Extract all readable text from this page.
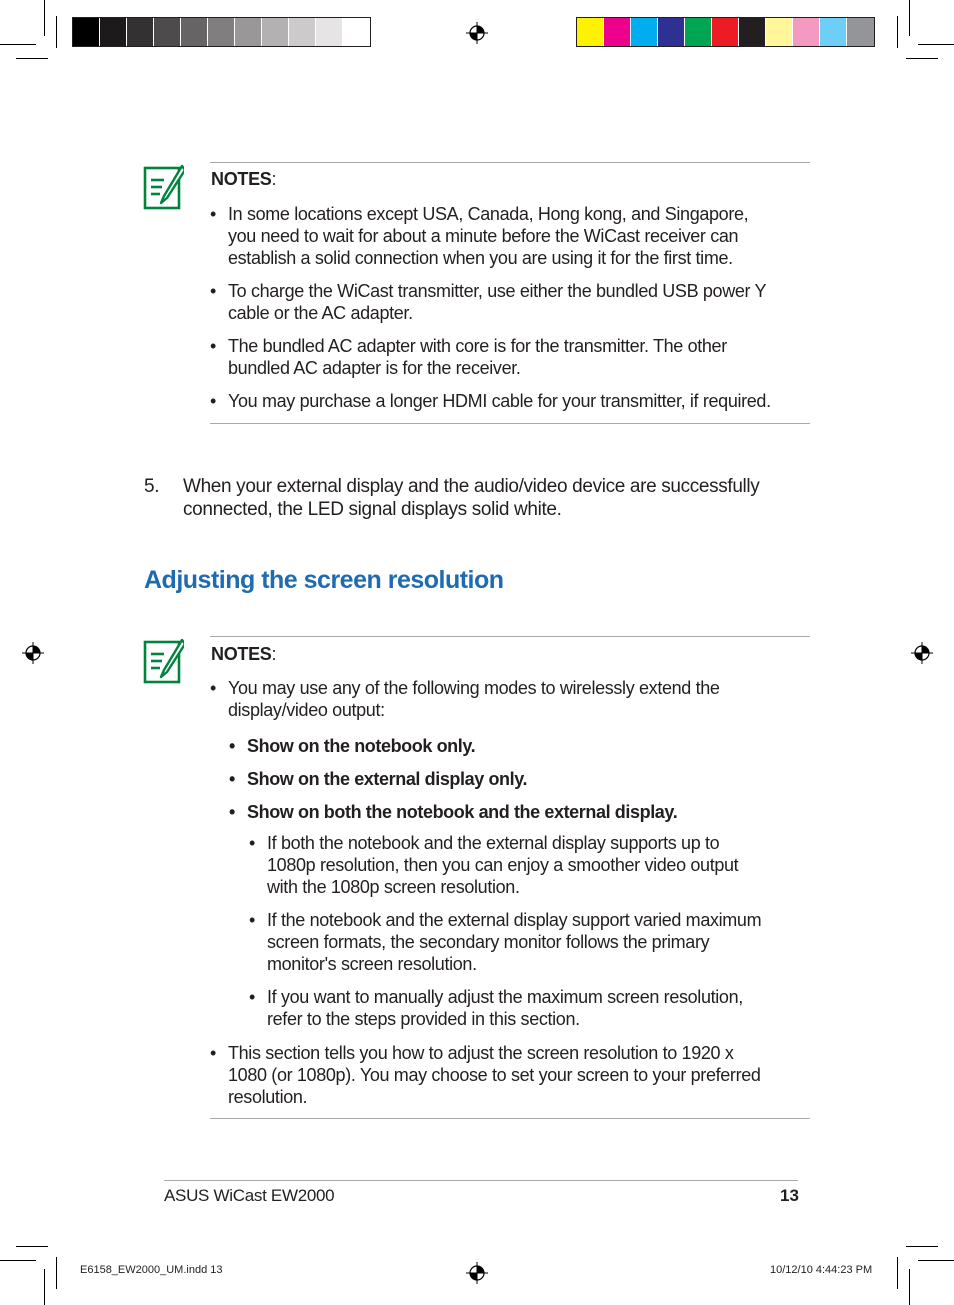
NOTES:
• In some locations except USA, Canada, Hong kong, and Singapore,
you need to wait for about a minute before the WiCast receiver can
establish a solid connection when you are using it for the first time.
• To charge the WiCast transmitter, use either the bundled USB power Y
cable or the AC adapter.
• The bundled AC adapter with core is for the transmitter. The other
bundled AC adapter is for the receiver.
• You may purchase a longer HDMI cable for your transmitter, if required.
5. When your external display and the audio/video device are successfully
connected, the LED signal displays solid white.
Adjusting the screen resolution
NOTES:
• You may use any of the following modes to wirelessly extend the
display/video output:
• Show on the notebook only.
• Show on the external display only.
• Show on both the notebook and the external display.
• If both the notebook and the external display supports up to
1080p resolution, then you can enjoy a smoother video output
with the 1080p screen resolution.
• If the notebook and the external display support varied maximum
screen formats, the secondary monitor follows the primary
monitor's screen resolution.
• If you want to manually adjust the maximum screen resolution,
refer to the steps provided in this section.
• This section tells you how to adjust the screen resolution to 1920 x
1080 (or 1080p). You may choose to set your screen to your preferred
resolution.
ASUS WiCast EW2000	13
E6158_EW2000_UM.indd 13	10/12/10 4:44:23 PM
